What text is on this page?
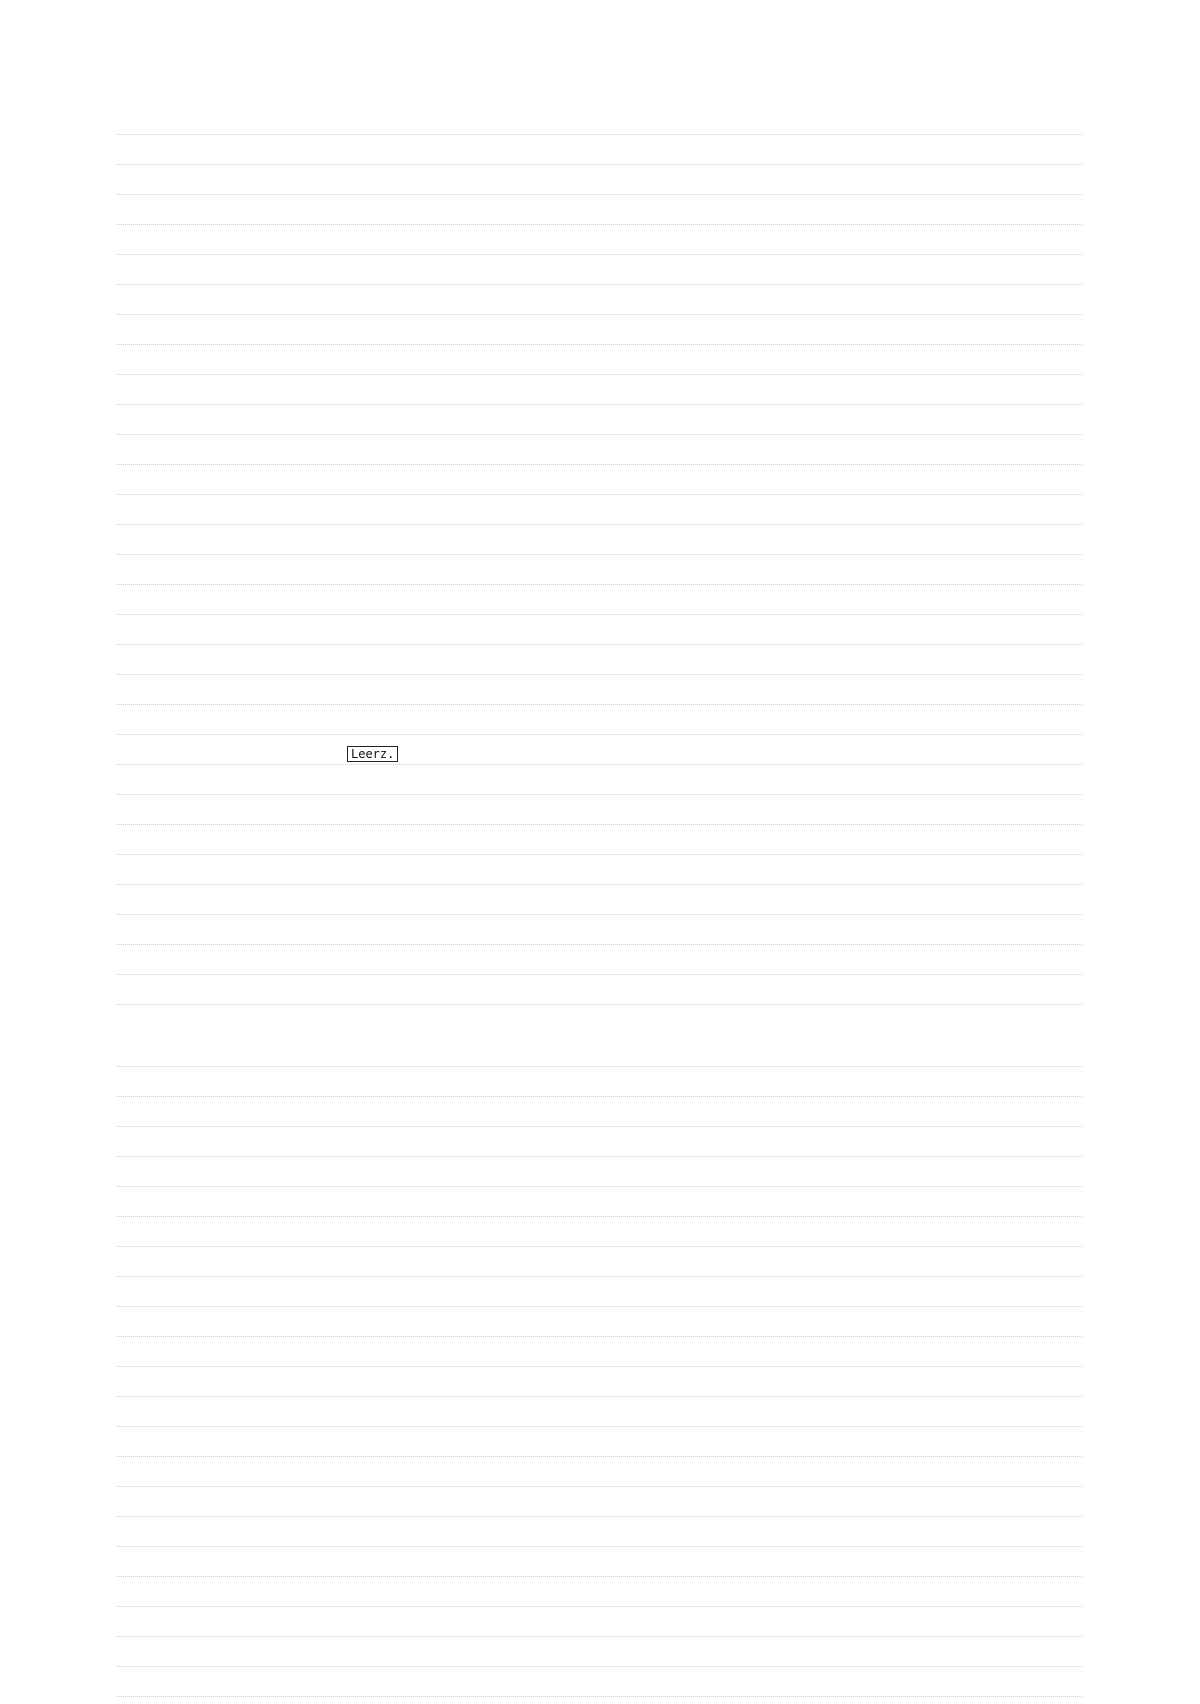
Leerz.
